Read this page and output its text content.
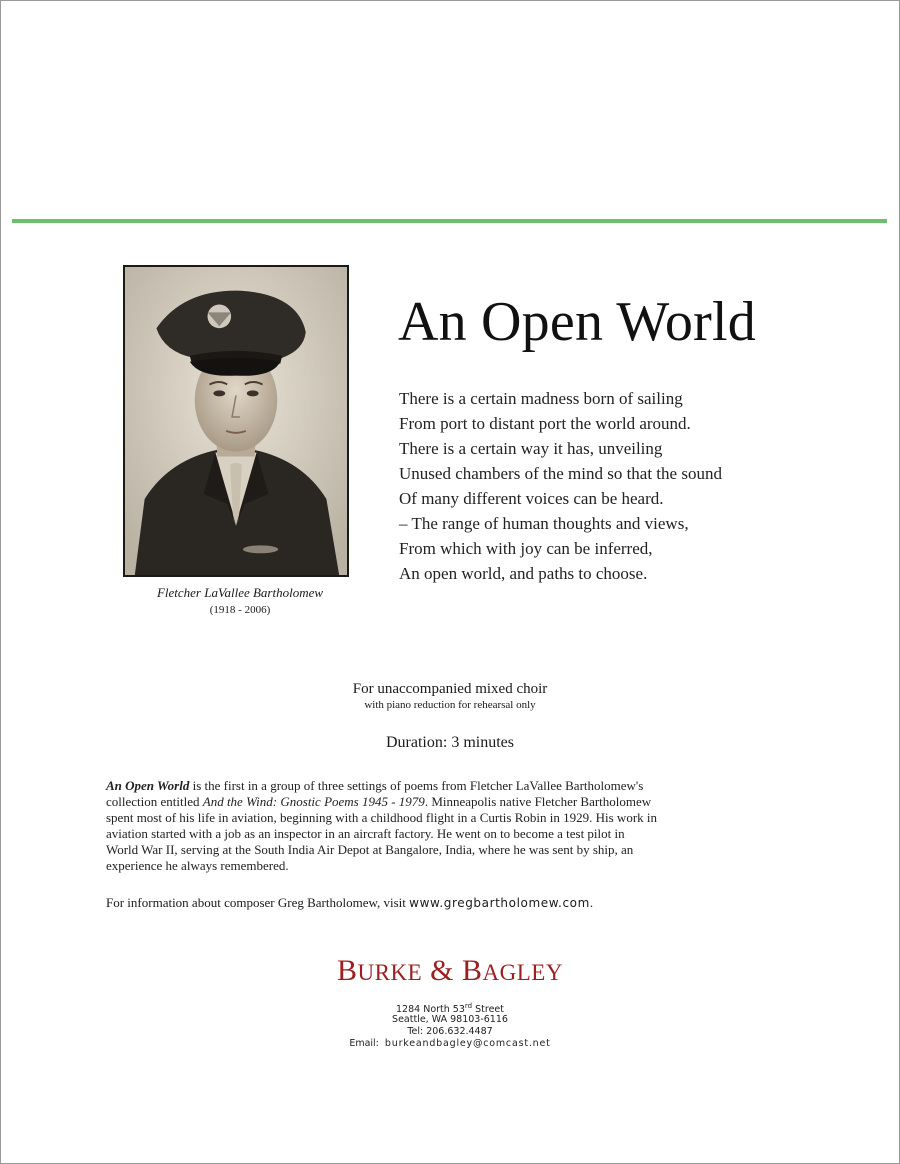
Fletcher LaVallee Bartholomew
(1918 - 2006)
An Open World
There is a certain madness born of sailing
From port to distant port the world around.
There is a certain way it has, unveiling
Unused chambers of the mind so that the sound
Of many different voices can be heard.
– The range of human thoughts and views,
From which with joy can be inferred,
An open world, and paths to choose.
For unaccompanied mixed choir
with piano reduction for rehearsal only
Duration: 3 minutes
An Open World is the first in a group of three settings of poems from Fletcher LaVallee Bartholomew's
collection entitled And the Wind: Gnostic Poems 1945 - 1979. Minneapolis native Fletcher Bartholomew
spent most of his life in aviation, beginning with a childhood flight in a Curtis Robin in 1929. His work in
aviation started with a job as an inspector in an aircraft factory. He went on to become a test pilot in
World War II, serving at the South India Air Depot at Bangalore, India, where he was sent by ship, an
experience he always remembered.
For information about composer Greg Bartholomew, visit www.gregbartholomew.com.
BURKE & BAGLEY
1284 North 53rd Street
Seattle, WA 98103-6116
Tel: 206.632.4487
Email:  burkeandbagley@comcast.net
